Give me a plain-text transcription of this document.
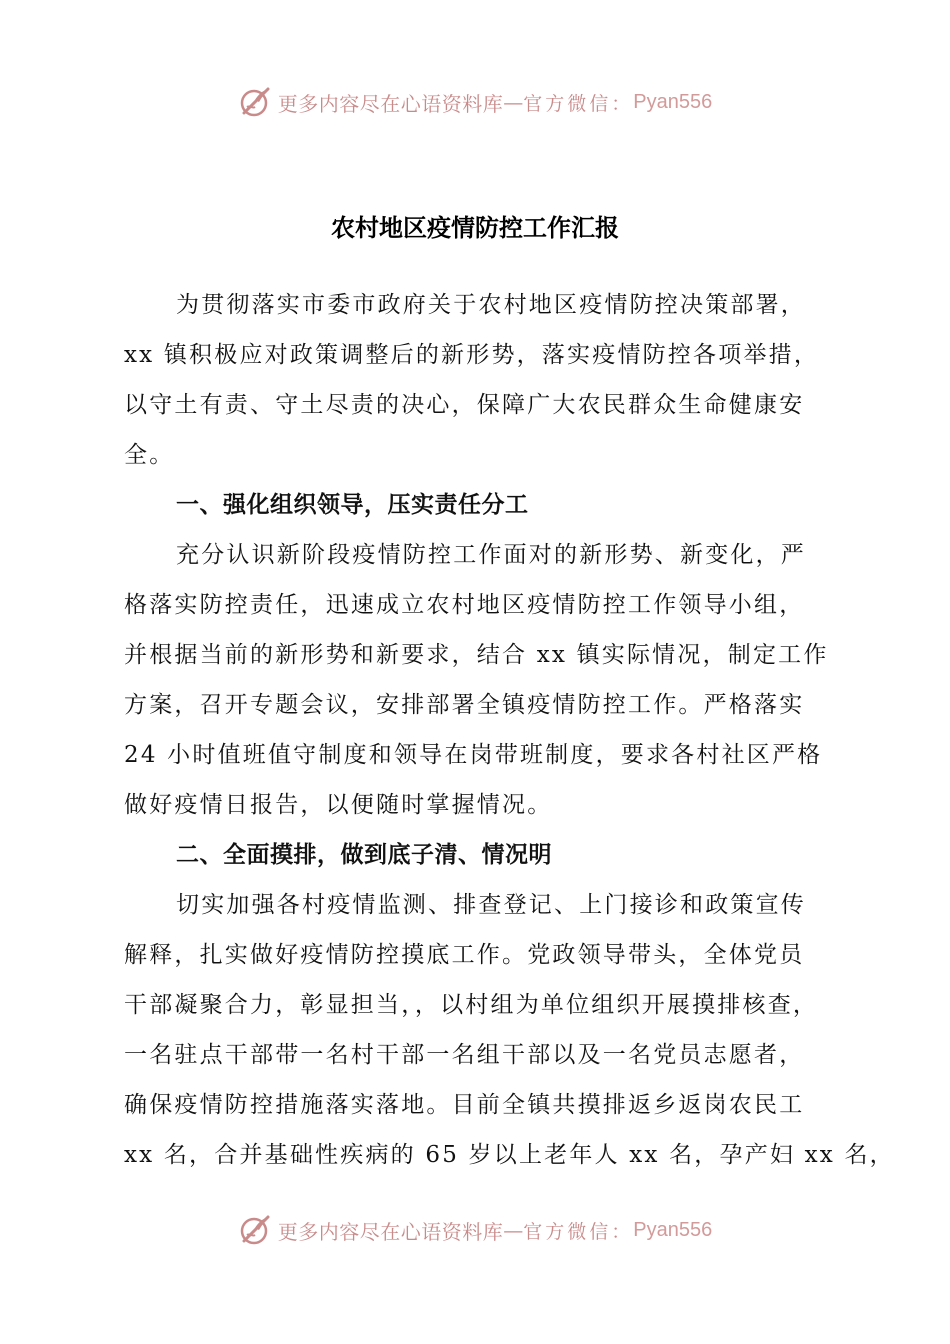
更多内容尽在心语资料库 — 官方微信： Pyan556
农村地区疫情防控工作汇报
为贯彻落实市委市政府关于农村地区疫情防控决策部署，
xx 镇积极应对政策调整后的新形势，落实疫情防控各项举措，
以守土有责、守土尽责的决心，保障广大农民群众生命健康安
全。
一、强化组织领导，压实责任分工
充分认识新阶段疫情防控工作面对的新形势、新变化，严
格落实防控责任，迅速成立农村地区疫情防控工作领导小组，
并根据当前的新形势和新要求，结合 xx 镇实际情况，制定工作
方案，召开专题会议，安排部署全镇疫情防控工作。严格落实
24 小时值班值守制度和领导在岗带班制度，要求各村社区严格
做好疫情日报告，以便随时掌握情况。
二、全面摸排，做到底子清、情况明
切实加强各村疫情监测、排查登记、上门接诊和政策宣传
解释，扎实做好疫情防控摸底工作。党政领导带头，全体党员
干部凝聚合力，彰显担当，，以村组为单位组织开展摸排核查，
一名驻点干部带一名村干部一名组干部以及一名党员志愿者，
确保疫情防控措施落实落地。目前全镇共摸排返乡返岗农民工
xx 名，合并基础性疾病的 65 岁以上老年人 xx 名，孕产妇 xx 名，
更多内容尽在心语资料库 — 官方微信： Pyan556
